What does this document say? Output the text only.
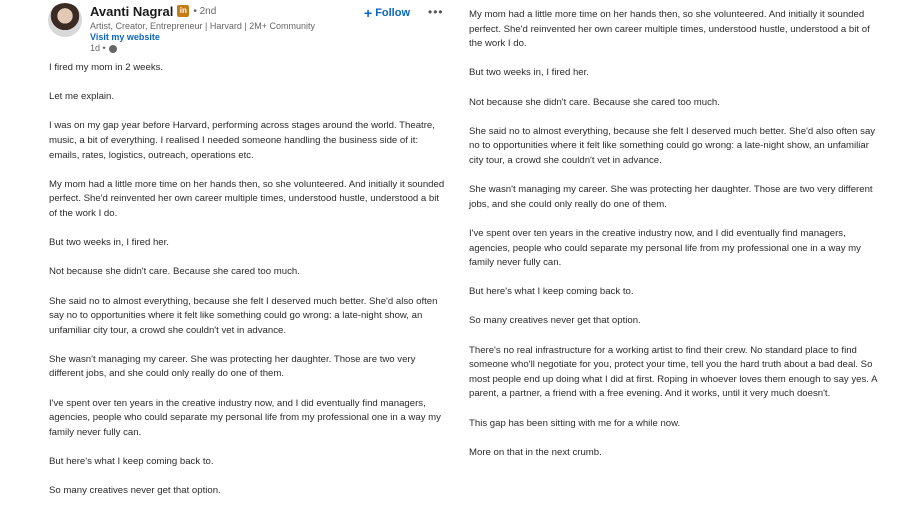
Avanti Nagral in • 2nd
Artist, Creator, Entrepreneur | Harvard | 2M+ Community
Visit my website
1d •
+ Follow •••

I fired my mom in 2 weeks.

Let me explain.

I was on my gap year before Harvard, performing across stages around the world. Theatre, music, a bit of everything. I realised I needed someone handling the business side of it: emails, rates, logistics, outreach, operations etc.

My mom had a little more time on her hands then, so she volunteered. And initially it sounded perfect. She'd reinvented her own career multiple times, understood hustle, understood a bit of the work I do.

But two weeks in, I fired her.

Not because she didn't care. Because she cared too much.

She said no to almost everything, because she felt I deserved much better. She'd also often say no to opportunities where it felt like something could go wrong: a late-night show, an unfamiliar city tour, a crowd she couldn't vet in advance.

She wasn't managing my career. She was protecting her daughter. Those are two very different jobs, and she could only really do one of them.

I've spent over ten years in the creative industry now, and I did eventually find managers, agencies, people who could separate my personal life from my professional one in a way my family never fully can.

But here's what I keep coming back to.

So many creatives never get that option.

My mom had a little more time on her hands then, so she volunteered. And initially it sounded perfect. She'd reinvented her own career multiple times, understood hustle, understood a bit of the work I do.

But two weeks in, I fired her.

Not because she didn't care. Because she cared too much.

She said no to almost everything, because she felt I deserved much better. She'd also often say no to opportunities where it felt like something could go wrong: a late-night show, an unfamiliar city tour, a crowd she couldn't vet in advance.

She wasn't managing my career. She was protecting her daughter. Those are two very different jobs, and she could only really do one of them.

I've spent over ten years in the creative industry now, and I did eventually find managers, agencies, people who could separate my personal life from my professional one in a way my family never fully can.

But here's what I keep coming back to.

So many creatives never get that option.

There's no real infrastructure for a working artist to find their crew. No standard place to find someone who'll negotiate for you, protect your time, tell you the hard truth about a bad deal. So most people end up doing what I did at first. Roping in whoever loves them enough to say yes. A parent, a partner, a friend with a free evening. And it works, until it very much doesn't.

This gap has been sitting with me for a while now.

More on that in the next crumb.
